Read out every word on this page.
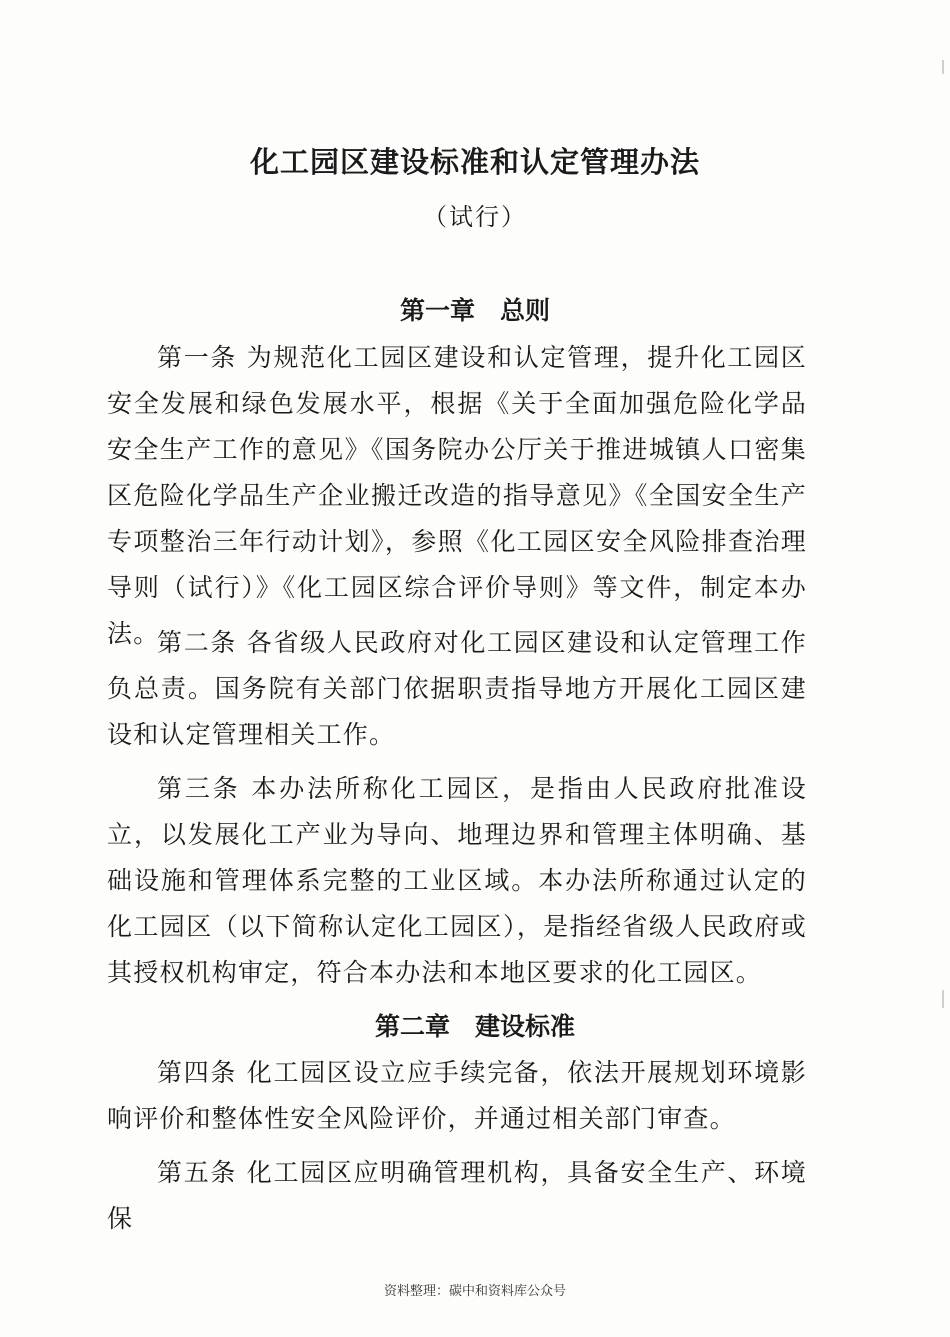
化工园区建设标准和认定管理办法
（试行）
第一章　总则
第一条 为规范化工园区建设和认定管理，提升化工园区安全发展和绿色发展水平，根据《关于全面加强危险化学品安全生产工作的意见》《国务院办公厅关于推进城镇人口密集区危险化学品生产企业搬迁改造的指导意见》《全国安全生产专项整治三年行动计划》，参照《化工园区安全风险排查治理导则（试行）》《化工园区综合评价导则》等文件，制定本办法。
第二条 各省级人民政府对化工园区建设和认定管理工作负总责。国务院有关部门依据职责指导地方开展化工园区建设和认定管理相关工作。
第三条 本办法所称化工园区，是指由人民政府批准设立，以发展化工产业为导向、地理边界和管理主体明确、基础设施和管理体系完整的工业区域。本办法所称通过认定的化工园区（以下简称认定化工园区），是指经省级人民政府或其授权机构审定，符合本办法和本地区要求的化工园区。
第二章　建设标准
第四条 化工园区设立应手续完备，依法开展规划环境影响评价和整体性安全风险评价，并通过相关部门审查。
第五条 化工园区应明确管理机构，具备安全生产、环境保
资料整理：碳中和资料库公众号
